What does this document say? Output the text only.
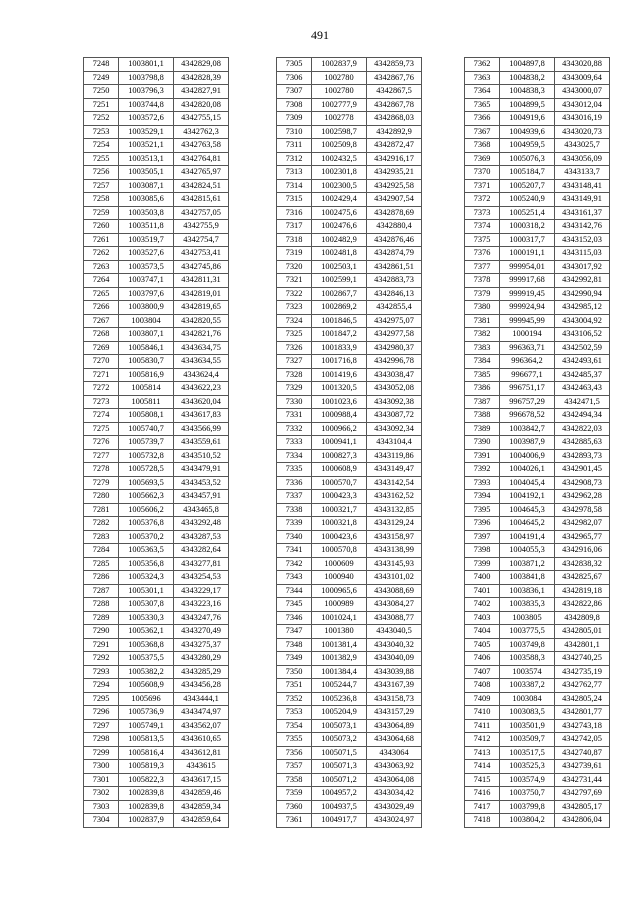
491
7248	1003801,1	4342829,08
7249	1003798,8	4342828,39
7250	1003796,3	4342827,91
7251	1003744,8	4342820,08
7252	1003572,6	4342755,15
7253	1003529,1	4342762,3
7254	1003521,1	4342763,58
7255	1003513,1	4342764,81
7256	1003505,1	4342765,97
7257	1003087,1	4342824,51
7258	1003085,6	4342815,61
7259	1003503,8	4342757,05
7260	1003511,8	4342755,9
7261	1003519,7	4342754,7
7262	1003527,6	4342753,41
7263	1003573,5	4342745,86
7264	1003747,1	4342811,31
7265	1003797,6	4342819,01
7266	1003800,9	4342819,65
7267	1003804	4342820,55
7268	1003807,1	4342821,76
7269	1005846,1	4343634,75
7270	1005830,7	4343634,55
7271	1005816,9	4343624,4
7272	1005814	4343622,23
7273	1005811	4343620,04
7274	1005808,1	4343617,83
7275	1005740,7	4343566,99
7276	1005739,7	4343559,61
7277	1005732,8	4343510,52
7278	1005728,5	4343479,91
7279	1005693,5	4343453,52
7280	1005662,3	4343457,91
7281	1005606,2	4343465,8
7282	1005376,8	4343292,48
7283	1005370,2	4343287,53
7284	1005363,5	4343282,64
7285	1005356,8	4343277,81
7286	1005324,3	4343254,53
7287	1005301,1	4343229,17
7288	1005307,8	4343223,16
7289	1005330,3	4343247,76
7290	1005362,1	4343270,49
7291	1005368,8	4343275,37
7292	1005375,5	4343280,29
7293	1005382,2	4343285,29
7294	1005608,9	4343456,28
7295	1005696	4343444,1
7296	1005736,9	4343474,97
7297	1005749,1	4343562,07
7298	1005813,5	4343610,65
7299	1005816,4	4343612,81
7300	1005819,3	4343615
7301	1005822,3	4343617,15
7302	1002839,8	4342859,46
7303	1002839,8	4342859,34
7304	1002837,9	4342859,64
7305	1002837,9	4342859,73
7306	1002780	4342867,76
7307	1002780	4342867,5
7308	1002777,9	4342867,78
7309	1002778	4342868,03
7310	1002598,7	4342892,9
7311	1002509,8	4342872,47
7312	1002432,5	4342916,17
7313	1002301,8	4342935,21
7314	1002300,5	4342925,58
7315	1002429,4	4342907,54
7316	1002475,6	4342878,69
7317	1002476,6	4342880,4
7318	1002482,9	4342876,46
7319	1002481,8	4342874,79
7320	1002503,1	4342861,51
7321	1002599,1	4342883,73
7322	1002867,7	4342846,13
7323	1002869,2	4342855,4
7324	1001846,5	4342975,07
7325	1001847,2	4342977,58
7326	1001833,9	4342980,37
7327	1001716,8	4342996,78
7328	1001419,6	4343038,47
7329	1001320,5	4343052,08
7330	1001023,6	4343092,38
7331	1000988,4	4343087,72
7332	1000966,2	4343092,34
7333	1000941,1	4343104,4
7334	1000827,3	4343119,86
7335	1000608,9	4343149,47
7336	1000570,7	4343142,54
7337	1000423,3	4343162,52
7338	1000321,7	4343132,85
7339	1000321,8	4343129,24
7340	1000423,6	4343158,97
7341	1000570,8	4343138,99
7342	1000609	4343145,93
7343	1000940	4343101,02
7344	1000965,6	4343088,69
7345	1000989	4343084,27
7346	1001024,1	4343088,77
7347	1001380	4343040,5
7348	1001381,4	4343040,32
7349	1001382,9	4343040,09
7350	1001384,4	4343039,88
7351	1005244,7	4343167,39
7352	1005236,8	4343158,73
7353	1005204,9	4343157,29
7354	1005073,1	4343064,89
7355	1005073,2	4343064,68
7356	1005071,5	4343064
7357	1005071,3	4343063,92
7358	1005071,2	4343064,08
7359	1004957,2	4343034,42
7360	1004937,5	4343029,49
7361	1004917,7	4343024,97
7362	1004897,8	4343020,88
7363	1004838,2	4343009,64
7364	1004838,3	4343000,07
7365	1004899,5	4343012,04
7366	1004919,6	4343016,19
7367	1004939,6	4343020,73
7368	1004959,5	4343025,7
7369	1005076,3	4343056,09
7370	1005184,7	4343133,7
7371	1005207,7	4343148,41
7372	1005240,9	4343149,91
7373	1005251,4	4343161,37
7374	1000318,2	4343142,76
7375	1000317,7	4343152,03
7376	1000191,1	4343115,03
7377	999954,01	4343017,92
7378	999917,68	4342992,81
7379	999919,45	4342990,94
7380	999924,94	4342985,12
7381	999945,99	4343004,92
7382	1000194	4343106,52
7383	996363,71	4342502,59
7384	996364,2	4342493,61
7385	996677,1	4342485,37
7386	996751,17	4342463,43
7387	996757,29	4342471,5
7388	996678,52	4342494,34
7389	1003842,7	4342822,03
7390	1003987,9	4342885,63
7391	1004006,9	4342893,73
7392	1004026,1	4342901,45
7393	1004045,4	4342908,73
7394	1004192,1	4342962,28
7395	1004645,3	4342978,58
7396	1004645,2	4342982,07
7397	1004191,4	4342965,77
7398	1004055,3	4342916,06
7399	1003871,2	4342838,32
7400	1003841,8	4342825,67
7401	1003836,1	4342819,18
7402	1003835,3	4342822,86
7403	1003805	4342809,8
7404	1003775,5	4342805,01
7405	1003749,8	4342801,1
7406	1003588,3	4342740,25
7407	1003574	4342735,19
7408	1003387,2	4342762,77
7409	1003084	4342805,24
7410	1003083,5	4342801,77
7411	1003501,9	4342743,18
7412	1003509,7	4342742,05
7413	1003517,5	4342740,87
7414	1003525,3	4342739,61
7415	1003574,9	4342731,44
7416	1003750,7	4342797,69
7417	1003799,8	4342805,17
7418	1003804,2	4342806,04
